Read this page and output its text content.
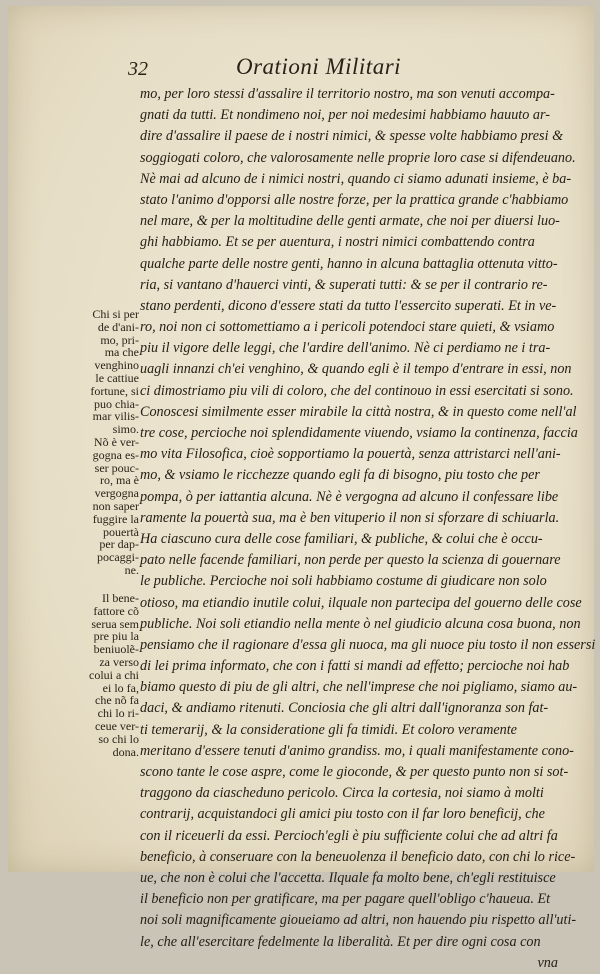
32	Orationi Militari
Chi si per
de d'ani-
mo, pri-
ma che
venghino
le cattiue
fortune, si
puo chia-
mar vilis-
simo.
Nõ è ver-
gogna es-
ser pouc-
ro, ma è
vergogna
non saper
fuggire la
pouertà
per dap-
pocaggi-
ne.
Il bene-
fattore cõ
serua sem
pre piu la
beniuolẽ-
za verso
colui a chi
ei lo fa,
che nõ fa
chi lo ri-
ceue ver-
so chi lo
dona.
mo, per loro stessi d'assalire il territorio nostro, ma son venuti accompa-
gnati da tutti. Et nondimeno noi, per noi medesimi habbiamo hauuto ar-
dire d'assalire il paese de i nostri nimici, & spesse volte habbiamo presi &
soggiogati coloro, che valorosamente nelle proprie loro case si difendeuano.
Nè mai ad alcuno de i nimici nostri, quando ci siamo adunati insieme, è ba-
stato l'animo d'opporsi alle nostre forze, per la prattica grande c'habbiamo
nel mare, & per la moltitudine delle genti armate, che noi per diuersi luo-
ghi habbiamo. Et se per auentura, i nostri nimici combattendo contra
qualche parte delle nostre genti, hanno in alcuna battaglia ottenuta vitto-
ria, si vantano d'hauerci vinti, & superati tutti: & se per il contrario re-
stano perdenti, dicono d'essere stati da tutto l'essercito superati. Et in ve-
ro, noi non ci sottomettiamo a i pericoli potendoci stare quieti, & vsiamo
piu il vigore delle leggi, che l'ardire dell'animo. Nè ci perdiamo ne i tra-
uagli innanzi ch'ei venghino, & quando egli è il tempo d'entrare in essi, non
ci dimostriamo piu vili di coloro, che del continouo in essi esercitati si sono.
Conoscesi similmente esser mirabile la città nostra, & in questo come nell'al
tre cose, percioche noi splendidamente viuendo, vsiamo la continenza, faccia
mo vita Filosofica, cioè sopportiamo la pouertà, senza attristarci nell'ani-
mo, & vsiamo le ricchezze quando egli fa di bisogno, piu tosto che per
pompa, ò per iattantia alcuna. Nè è vergogna ad alcuno il confessare libe
ramente la pouertà sua, ma è ben vituperio il non si sforzare di schiuarla.
Ha ciascuno cura delle cose familiari, & publiche, & colui che è occu-
pato nelle facende familiari, non perde per questo la scienza di gouernare
le publiche. Percioche noi soli habbiamo costume di giudicare non solo
otioso, ma etiandio inutile colui, ilquale non partecipa del gouerno delle cose
publiche. Noi soli etiandio nella mente ò nel giudicio alcuna cosa buona, non
pensiamo che il ragionare d'essa gli nuoca, ma gli nuoce piu tosto il non essersi
di lei prima informato, che con i fatti si mandi ad effetto; percioche noi hab
biamo questo di piu de gli altri, che nell'imprese che noi pigliamo, siamo au-
daci, & andiamo ritenuti. Conciosia che gli altri dall'ignoranza son fat-
ti temerarij, & la consideratione gli fa timidi. Et coloro veramente
meritano d'essere tenuti d'animo grandiss. mo, i quali manifestamente cono-
scono tante le cose aspre, come le gioconde, & per questo punto non si sot-
traggono da ciascheduno pericolo. Circa la cortesia, noi siamo à molti
contrarij, acquistandoci gli amici piu tosto con il far loro beneficij, che
con il riceuerli da essi. Percioch'egli è piu sufficiente colui che ad altri fa
beneficio, à conseruare con la beneuolenza il beneficio dato, con chi lo rice-
ue, che non è colui che l'accetta. Ilquale fa molto bene, ch'egli restituisce
il beneficio non per gratificare, ma per pagare quell'obligo c'haueua. Et
noi soli magnificamente gioueiamo ad altri, non hauendo piu rispetto all'uti-
le, che all'esercitare fedelmente la liberalità. Et per dire ogni cosa con
vna
